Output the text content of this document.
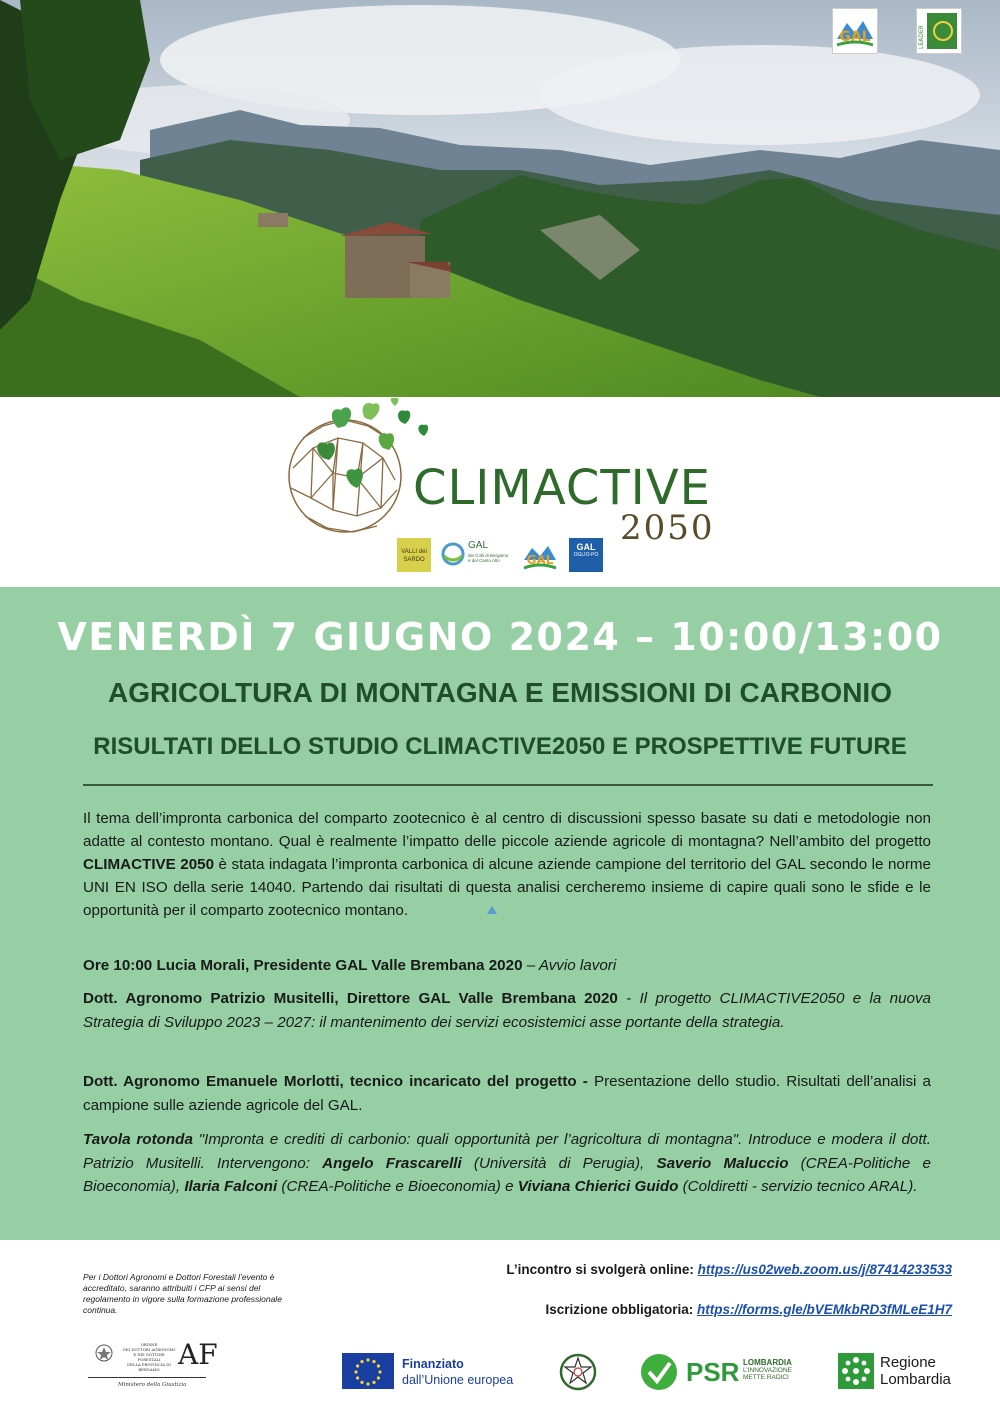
GAL	LEADER
CLIMACTIVE
2050
VALLI del SARDO
GAL
dei Colli di Bergamo e del Canto Alto	GAL
GAL
OGLIO-PO
VENERDÌ 7 GIUGNO 2024 – 10:00/13:00
AGRICOLTURA DI MONTAGNA E EMISSIONI DI CARBONIO
RISULTATI DELLO STUDIO CLIMACTIVE2050 E PROSPETTIVE FUTURE

Il tema dell’impronta carbonica del comparto zootecnico è al centro di discussioni spesso basate su dati e metodologie non adatte al contesto montano. Qual è realmente l’impatto delle piccole aziende agricole di montagna? Nell’ambito del progetto CLIMACTIVE 2050 è stata indagata l’impronta carbonica di alcune aziende campione del territorio del GAL secondo le norme UNI EN ISO della serie 14040. Partendo dai risultati di questa analisi cercheremo insieme di capire quali sono le sfide e le opportunità per il comparto zootecnico montano.

Ore 10:00 Lucia Morali, Presidente GAL Valle Brembana 2020 – Avvio lavori

Dott. Agronomo Patrizio Musitelli, Direttore GAL Valle Brembana 2020 - Il progetto CLIMACTIVE2050 e la nuova Strategia di Sviluppo 2023 – 2027: il mantenimento dei servizi ecosistemici asse portante della strategia.

Dott. Agronomo Emanuele Morlotti, tecnico incaricato del progetto - Presentazione dello studio. Risultati dell’analisi a campione sulle aziende agricole del GAL.

Tavola rotonda "Impronta e crediti di carbonio: quali opportunità per l’agricoltura di montagna". Introduce e modera il dott. Patrizio Musitelli. Intervengono: Angelo Frascarelli (Università di Perugia), Saverio Maluccio (CREA-Politiche e Bioeconomia), Ilaria Falconi (CREA-Politiche e Bioeconomia) e Viviana Chierici Guido (Coldiretti - servizio tecnico ARAL).

L’incontro si svolgerà online: https://us02web.zoom.us/j/87414233533
Iscrizione obbligatoria: https://forms.gle/bVEMkbRD3fMLeE1H7
Per i Dottori Agronomi e Dottori Forestali l’evento è accreditato, saranno attribuiti i CFP ai sensi del regolamento in vigore sulla formazione professionale continua.
ORDINE
DEI DOTTORI AGRONOMI
E DEI DOTTORI FORESTALI
DELLA PROVINCIA DI BERGAMO AF
Ministero della Giustizia
Finanziato
dall’Unione europea	PSR LOMBARDIA
L’INNOVAZIONE
METTE RADICI
Regione
Lombardia
